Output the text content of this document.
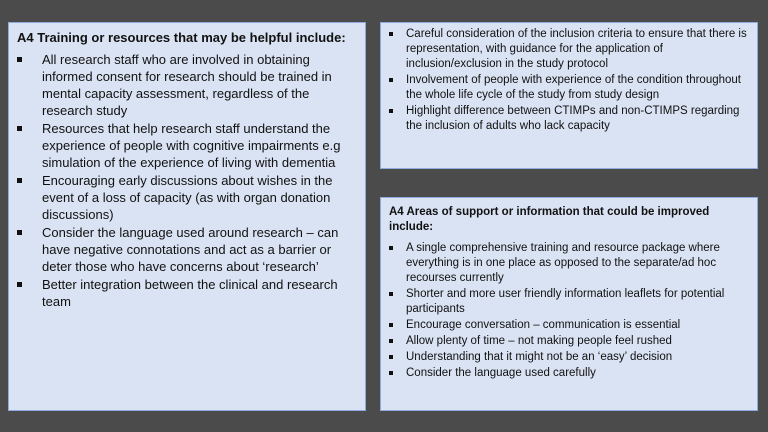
A4 Training or resources that may be helpful include:

All research staff who are involved in obtaining informed consent for research should be trained in mental capacity assessment, regardless of the research study
Resources that help research staff understand the experience of people with cognitive impairments e.g simulation of the experience of living with dementia
Encouraging early discussions about wishes in the event of a loss of capacity (as with organ donation discussions)
Consider the language used around research – can have negative connotations and act as a barrier or deter those who have concerns about ‘research’
Better integration between the clinical and research team
Careful consideration of the inclusion criteria to ensure that there is representation, with guidance for the application of inclusion/exclusion in the study protocol
Involvement of people with experience of the condition throughout the whole life cycle of the study from study design
Highlight difference between CTIMPs and non-CTIMPS regarding the inclusion of adults who lack capacity

A4 Areas of support or information that could be improved include:

A single comprehensive training and resource package where everything is in one place as opposed to the separate/ad hoc recourses currently
Shorter and more user friendly information leaflets for potential participants
Encourage conversation – communication is essential
Allow plenty of time – not making people feel rushed
Understanding that it might not be an ‘easy’ decision
Consider the language used carefully
